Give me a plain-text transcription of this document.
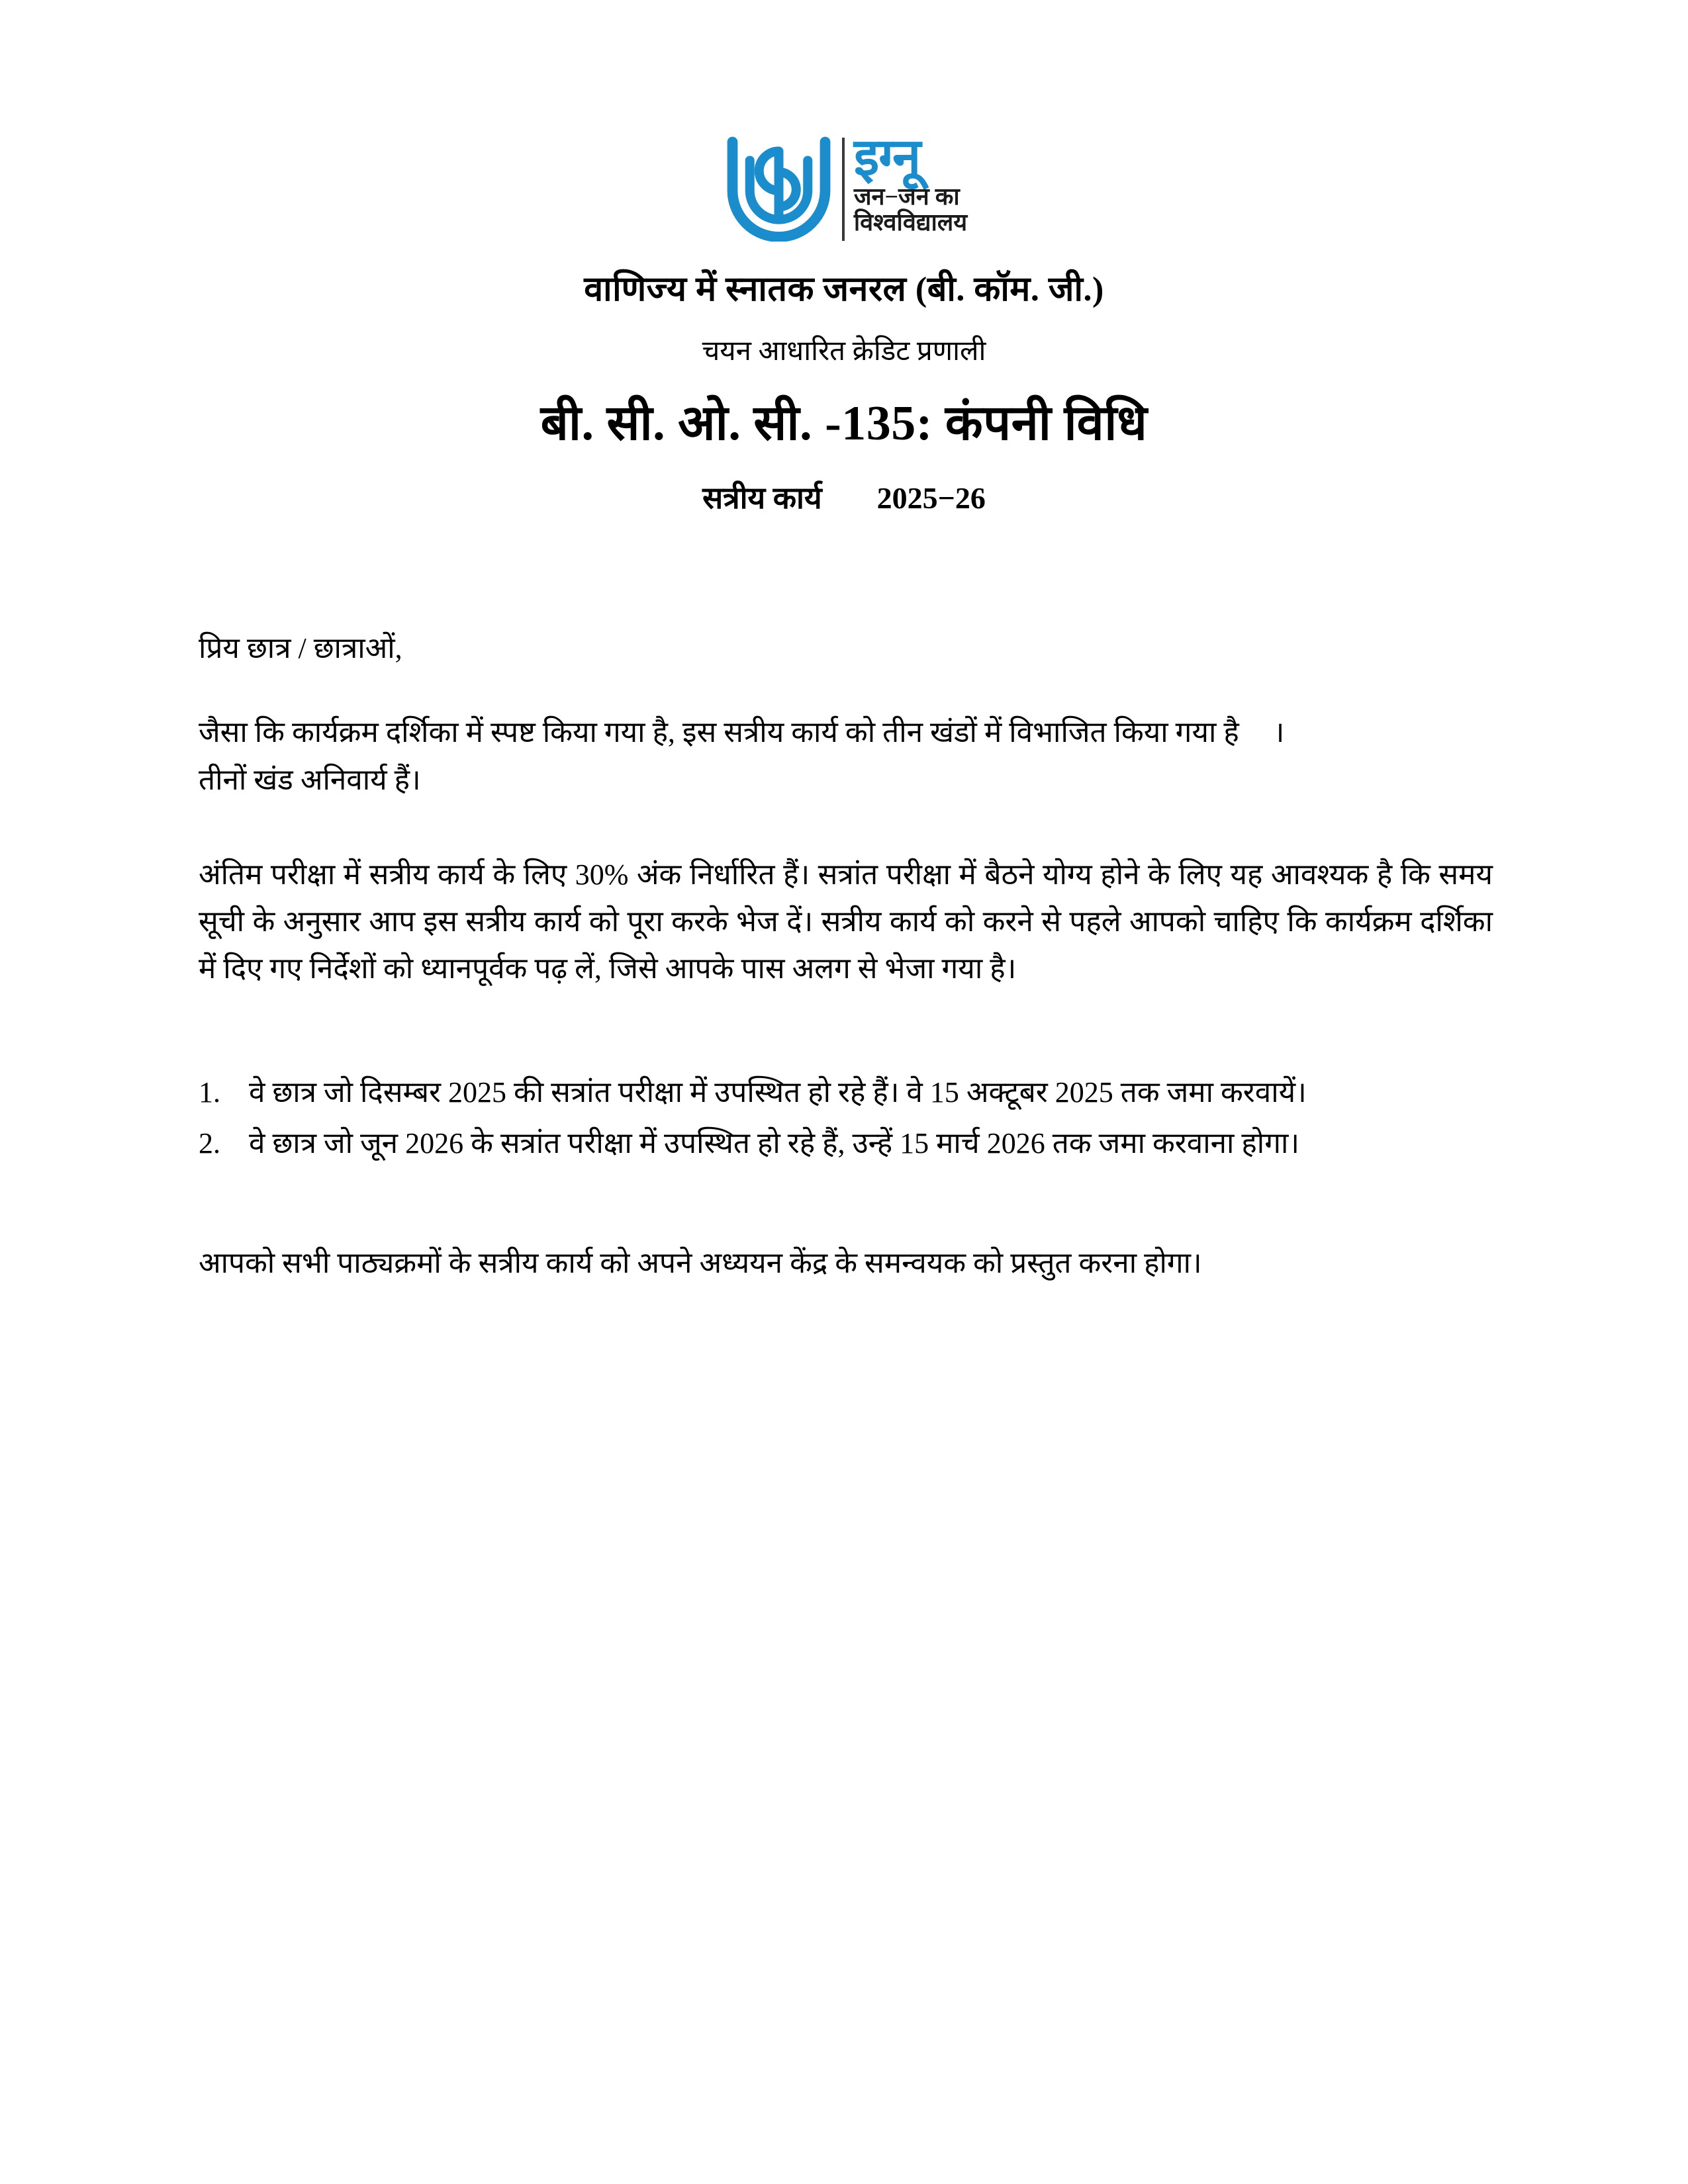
इग्नू
जन−जन का
विश्वविद्यालय
वाणिज्य में स्नातक जनरल (बी. कॉम. जी.)
चयन आधारित क्रेडिट प्रणाली
बी. सी. ओ. सी. -135: कंपनी विधि
सत्रीय कार्य 2025−26

प्रिय छात्र / छात्राओं,

जैसा कि कार्यक्रम दर्शिका में स्पष्ट किया गया है, इस सत्रीय कार्य को तीन खंडों में विभाजित किया गया है ।
तीनों खंड अनिवार्य हैं।

अंतिम परीक्षा में सत्रीय कार्य के लिए 30% अंक निर्धारित हैं। सत्रांत परीक्षा में बैठने योग्य होने के लिए यह आवश्यक है कि समय सूची के अनुसार आप इस सत्रीय कार्य को पूरा करके भेज दें। सत्रीय कार्य को करने से पहले आपको चाहिए कि कार्यक्रम दर्शिका में दिए गए निर्देशों को ध्यानपूर्वक पढ़ लें, जिसे आपके पास अलग से भेजा गया है।

1. वे छात्र जो दिसम्बर 2025 की सत्रांत परीक्षा में उपस्थित हो रहे हैं। वे 15 अक्टूबर 2025 तक जमा करवायें।
2. वे छात्र जो जून 2026 के सत्रांत परीक्षा में उपस्थित हो रहे हैं, उन्हें 15 मार्च 2026 तक जमा करवाना होगा।

आपको सभी पाठ्यक्रमों के सत्रीय कार्य को अपने अध्ययन केंद्र के समन्वयक को प्रस्तुत करना होगा।
